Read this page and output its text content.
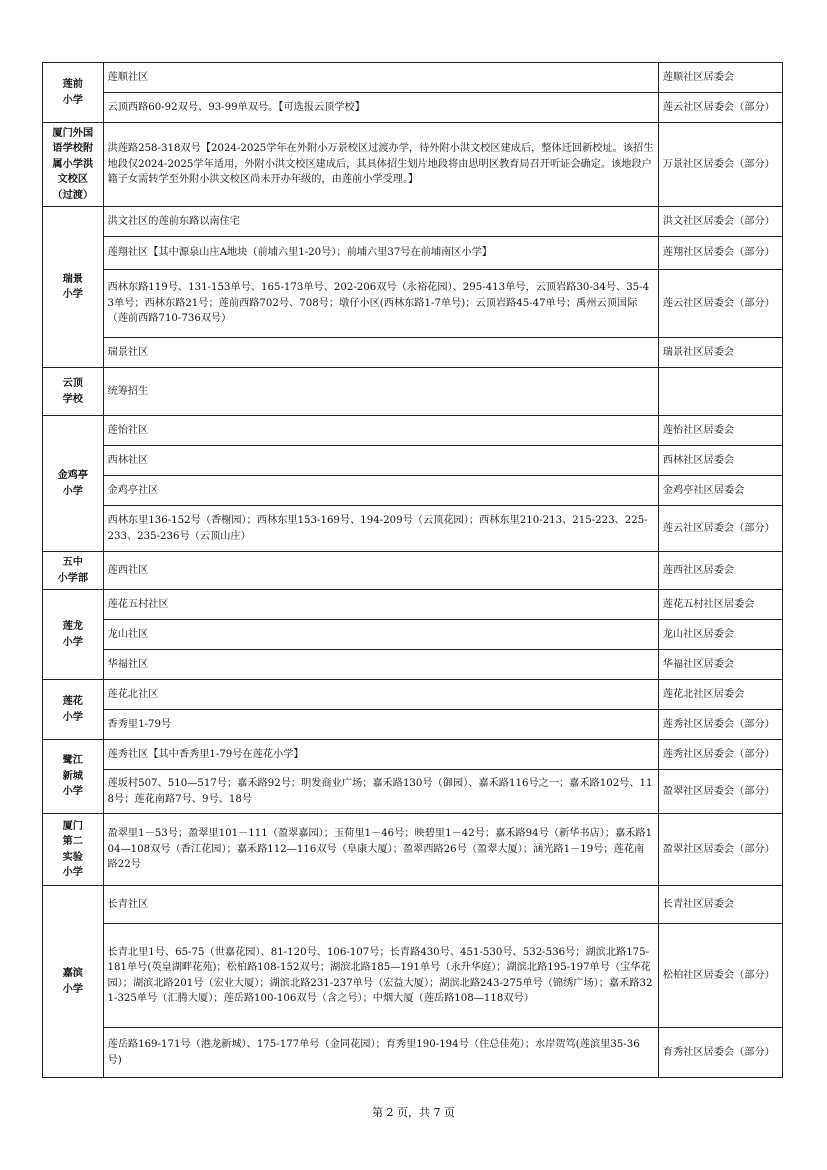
莲前
小学	莲顺社区	莲顺社区居委会
	云顶西路60-92双号、93-99单双号。【可选报云顶学校】	莲云社区居委会（部分）
厦门外国
语学校附
属小学洪
文校区
（过渡）	洪莲路258-318双号【2024-2025学年在外附小万景校区过渡办学，待外附小洪文校区建成后，整体迁回新校址。该招生地段仅2024-2025学年适用，外附小洪文校区建成后，其具体招生划片地段将由思明区教育局召开听证会确定。该地段户籍子女需转学至外附小洪文校区尚未开办年级的，由莲前小学受理。】	万景社区居委会（部分）
瑞景
小学	洪文社区的莲前东路以南住宅	洪文社区居委会（部分）
	莲翔社区【其中源泉山庄A地块（前埔六里1-20号）；前埔六里37号在前埔南区小学】	莲翔社区居委会（部分）
	西林东路119号、131-153单号、165-173单号、202-206双号（永裕花园）、295-413单号，云顶岩路30-34号、35-43单号；西林东路21号；莲前西路702号、708号；墩仔小区(西林东路1-7单号)；云顶岩路45-47单号；禹州云顶国际（莲前西路710-736双号）	莲云社区居委会（部分）
	瑞景社区	瑞景社区居委会
云顶
学校	统筹招生	
金鸡亭
小学	莲怡社区	莲怡社区居委会
	西林社区	西林社区居委会
	金鸡亭社区	金鸡亭社区居委会
	西林东里136-152号（香榭园）；西林东里153-169号、194-209号（云顶花园）；西林东里210-213、215-223、225-233、235-236号（云顶山庄）	莲云社区居委会（部分）
五中
小学部	莲西社区	莲西社区居委会
莲龙
小学	莲花五村社区	莲花五村社区居委会
	龙山社区	龙山社区居委会
	华福社区	华福社区居委会
莲花
小学	莲花北社区	莲花北社区居委会
	香秀里1-79号	莲秀社区居委会（部分）
鹭江
新城
小学	莲秀社区【其中香秀里1-79号在莲花小学】	莲秀社区居委会（部分）
	莲坂村507、510—517号；嘉禾路92号；明发商业广场；嘉禾路130号（御园）、嘉禾路116号之一；嘉禾路102号、118号；莲花南路7号、9号、18号	盈翠社区居委会（部分）
厦门
第二
实验
小学	盈翠里1－53号；盈翠里101－111（盈翠嘉园）；玉荷里1－46号；映碧里1－42号；嘉禾路94号（新华书店）；嘉禾路104—108双号（香江花园）；嘉禾路112—116双号（阜康大厦）；盈翠西路26号（盈翠大厦）；涵光路1－19号；莲花南路22号	盈翠社区居委会（部分）
嘉滨
小学	长青社区	长青社区居委会
	长青北里1号、65-75（世嘉花园）、81-120号、106-107号；长青路430号、451-530号、532-536号；湖滨北路175-181单号(英皇湖畔花苑)；松柏路108-152双号；湖滨北路185—191单号（永升华庭）；湖滨北路195-197单号（宝华花园）；湖滨北路201号（宏业大厦）；湖滨北路231-237单号（宏益大厦）；湖滨北路243-275单号（锦绣广场）；嘉禾路321-325单号（汇腾大厦）；莲岳路100-106双号（含之号）；中烟大厦（莲岳路108—118双号）	松柏社区居委会（部分）
	莲岳路169-171号（港龙新城）、175-177单号（金同花园）；育秀里190-194号（住总佳苑）；水岸贺笃(莲滨里35-36号)	育秀社区居委会（部分）
第 2 页，共 7 页
